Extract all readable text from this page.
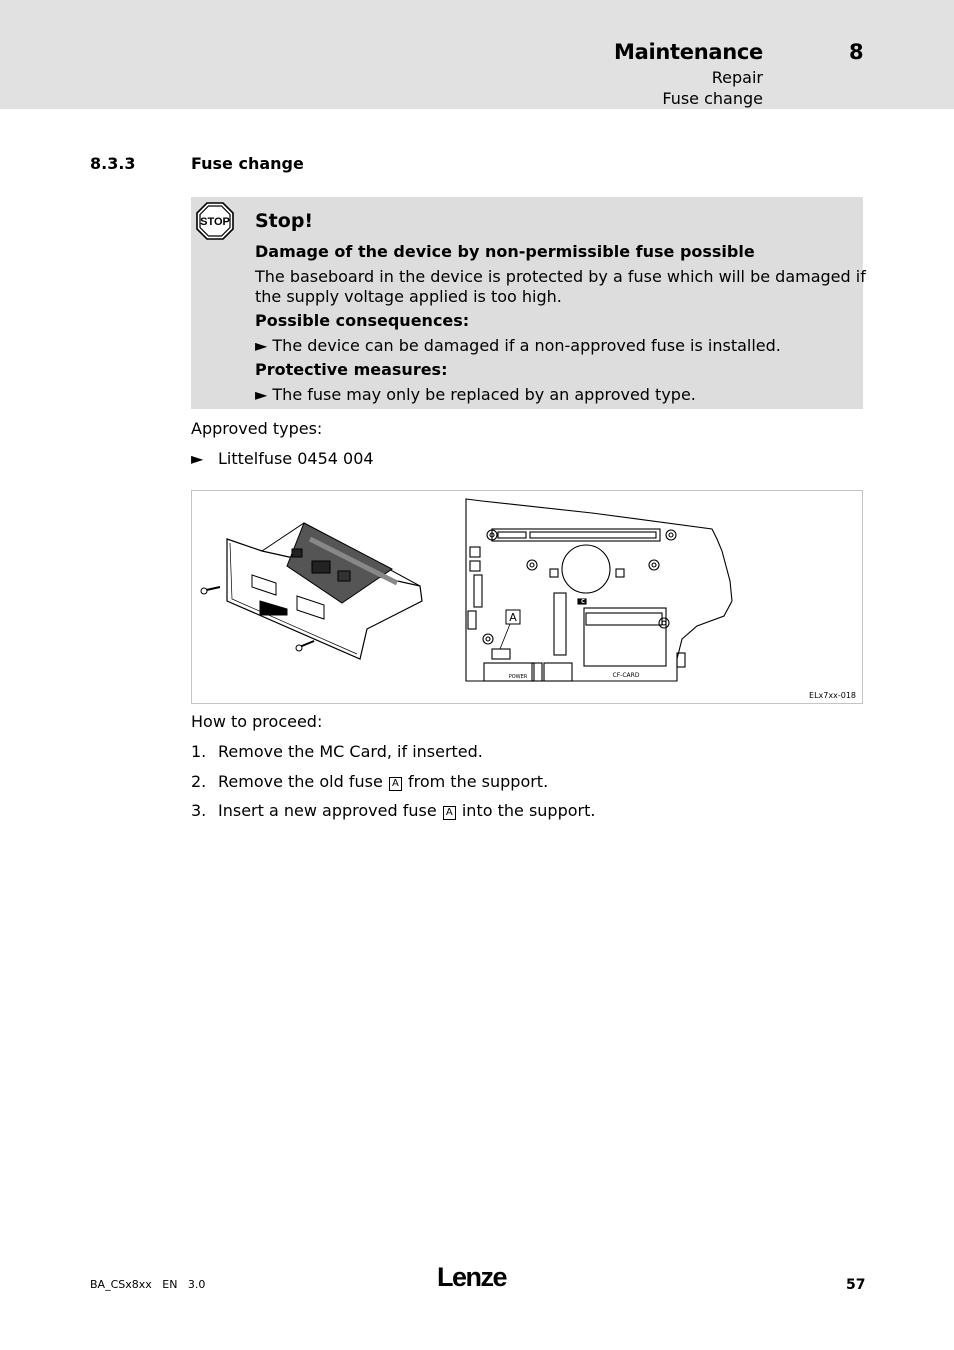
Maintenance	8
Repair
Fuse change
8.3.3	Fuse change
STOP Stop!
Damage of the device by non-permissible fuse possible
The baseboard in the device is protected by a fuse which will be damaged if
the supply voltage applied is too high.
Possible consequences:
► The device can be damaged if a non-approved fuse is installed.
Protective measures:
► The fuse may only be replaced by an approved type.
Approved types:
► Littelfuse 0454 004
A
C
POWER	CF-CARD
ELx7xx-018
How to proceed:
1. Remove the MC Card, if inserted.
2. Remove the old fuse A from the support.
3. Insert a new approved fuse A into the support.
BA_CSx8xx   EN   3.0	Lenze	57
